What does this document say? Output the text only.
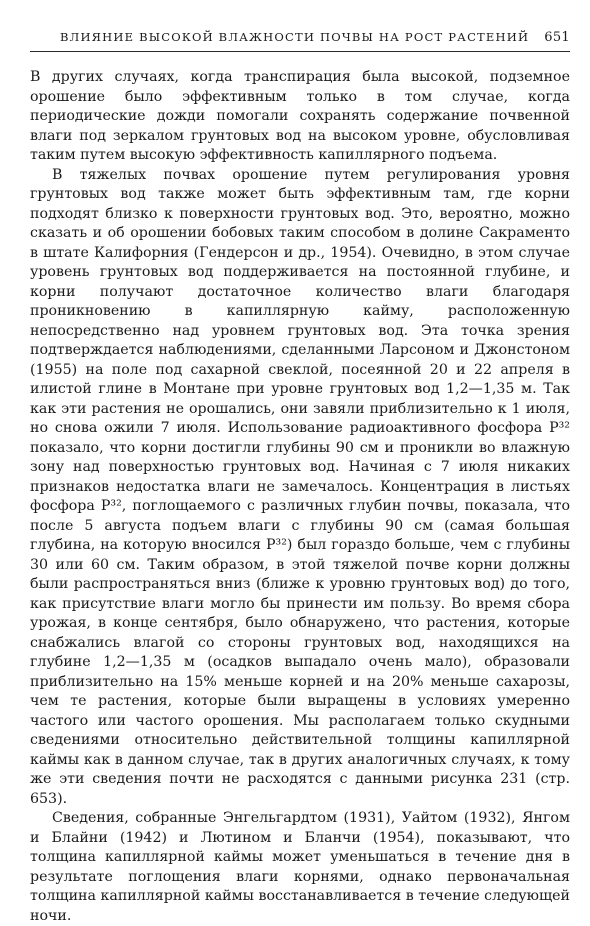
ВЛИЯНИЕ ВЫСОКОЙ ВЛАЖНОСТИ ПОЧВЫ НА РОСТ РАСТЕНИЙ 651

В других случаях, когда транспирация была высокой, подземное орошение было эффективным только в том случае, когда периодические дожди помогали сохранять содержание почвенной влаги под зеркалом грунтовых вод на высоком уровне, обусловливая таким путем высокую эффективность капиллярного подъема.

В тяжелых почвах орошение путем регулирования уровня грунтовых вод также может быть эффективным там, где корни подходят близко к поверхности грунтовых вод. Это, вероятно, можно сказать и об орошении бобовых таким способом в долине Сакраменто в штате Калифорния (Гендерсон и др., 1954). Очевидно, в этом случае уровень грунтовых вод поддерживается на постоянной глубине, и корни получают достаточное количество влаги благодаря проникновению в капиллярную кайму, расположенную непосредственно над уровнем грунтовых вод. Эта точка зрения подтверждается наблюдениями, сделанными Ларсоном и Джонстоном (1955) на поле под сахарной свеклой, посеянной 20 и 22 апреля в илистой глине в Монтане при уровне грунтовых вод 1,2—1,35 м. Так как эти растения не орошались, они завяли приблизительно к 1 июля, но снова ожили 7 июля. Использование радиоактивного фосфора P³² показало, что корни достигли глубины 90 см и проникли во влажную зону над поверхностью грунтовых вод. Начиная с 7 июля никаких признаков недостатка влаги не замечалось. Концентрация в листьях фосфора P³², поглощаемого с различных глубин почвы, показала, что после 5 августа подъем влаги с глубины 90 см (самая большая глубина, на которую вносился P³²) был гораздо больше, чем с глубины 30 или 60 см. Таким образом, в этой тяжелой почве корни должны были распространяться вниз (ближе к уровню грунтовых вод) до того, как присутствие влаги могло бы принести им пользу. Во время сбора урожая, в конце сентября, было обнаружено, что растения, которые снабжались влагой со стороны грунтовых вод, находящихся на глубине 1,2—1,35 м (осадков выпадало очень мало), образовали приблизительно на 15% меньше корней и на 20% меньше сахарозы, чем те растения, которые были выращены в условиях умеренно частого или частого орошения. Мы располагаем только скудными сведениями относительно действительной толщины капиллярной каймы как в данном случае, так в других аналогичных случаях, к тому же эти сведения почти не расходятся с данными рисунка 231 (стр. 653).

Сведения, собранные Энгельгардтом (1931), Уайтом (1932), Янгом и Блайни (1942) и Лютином и Бланчи (1954), показывают, что толщина капиллярной каймы может уменьшаться в течение дня в результате поглощения влаги корнями, однако первоначальная толщина капиллярной каймы восстанавливается в течение следующей ночи.
